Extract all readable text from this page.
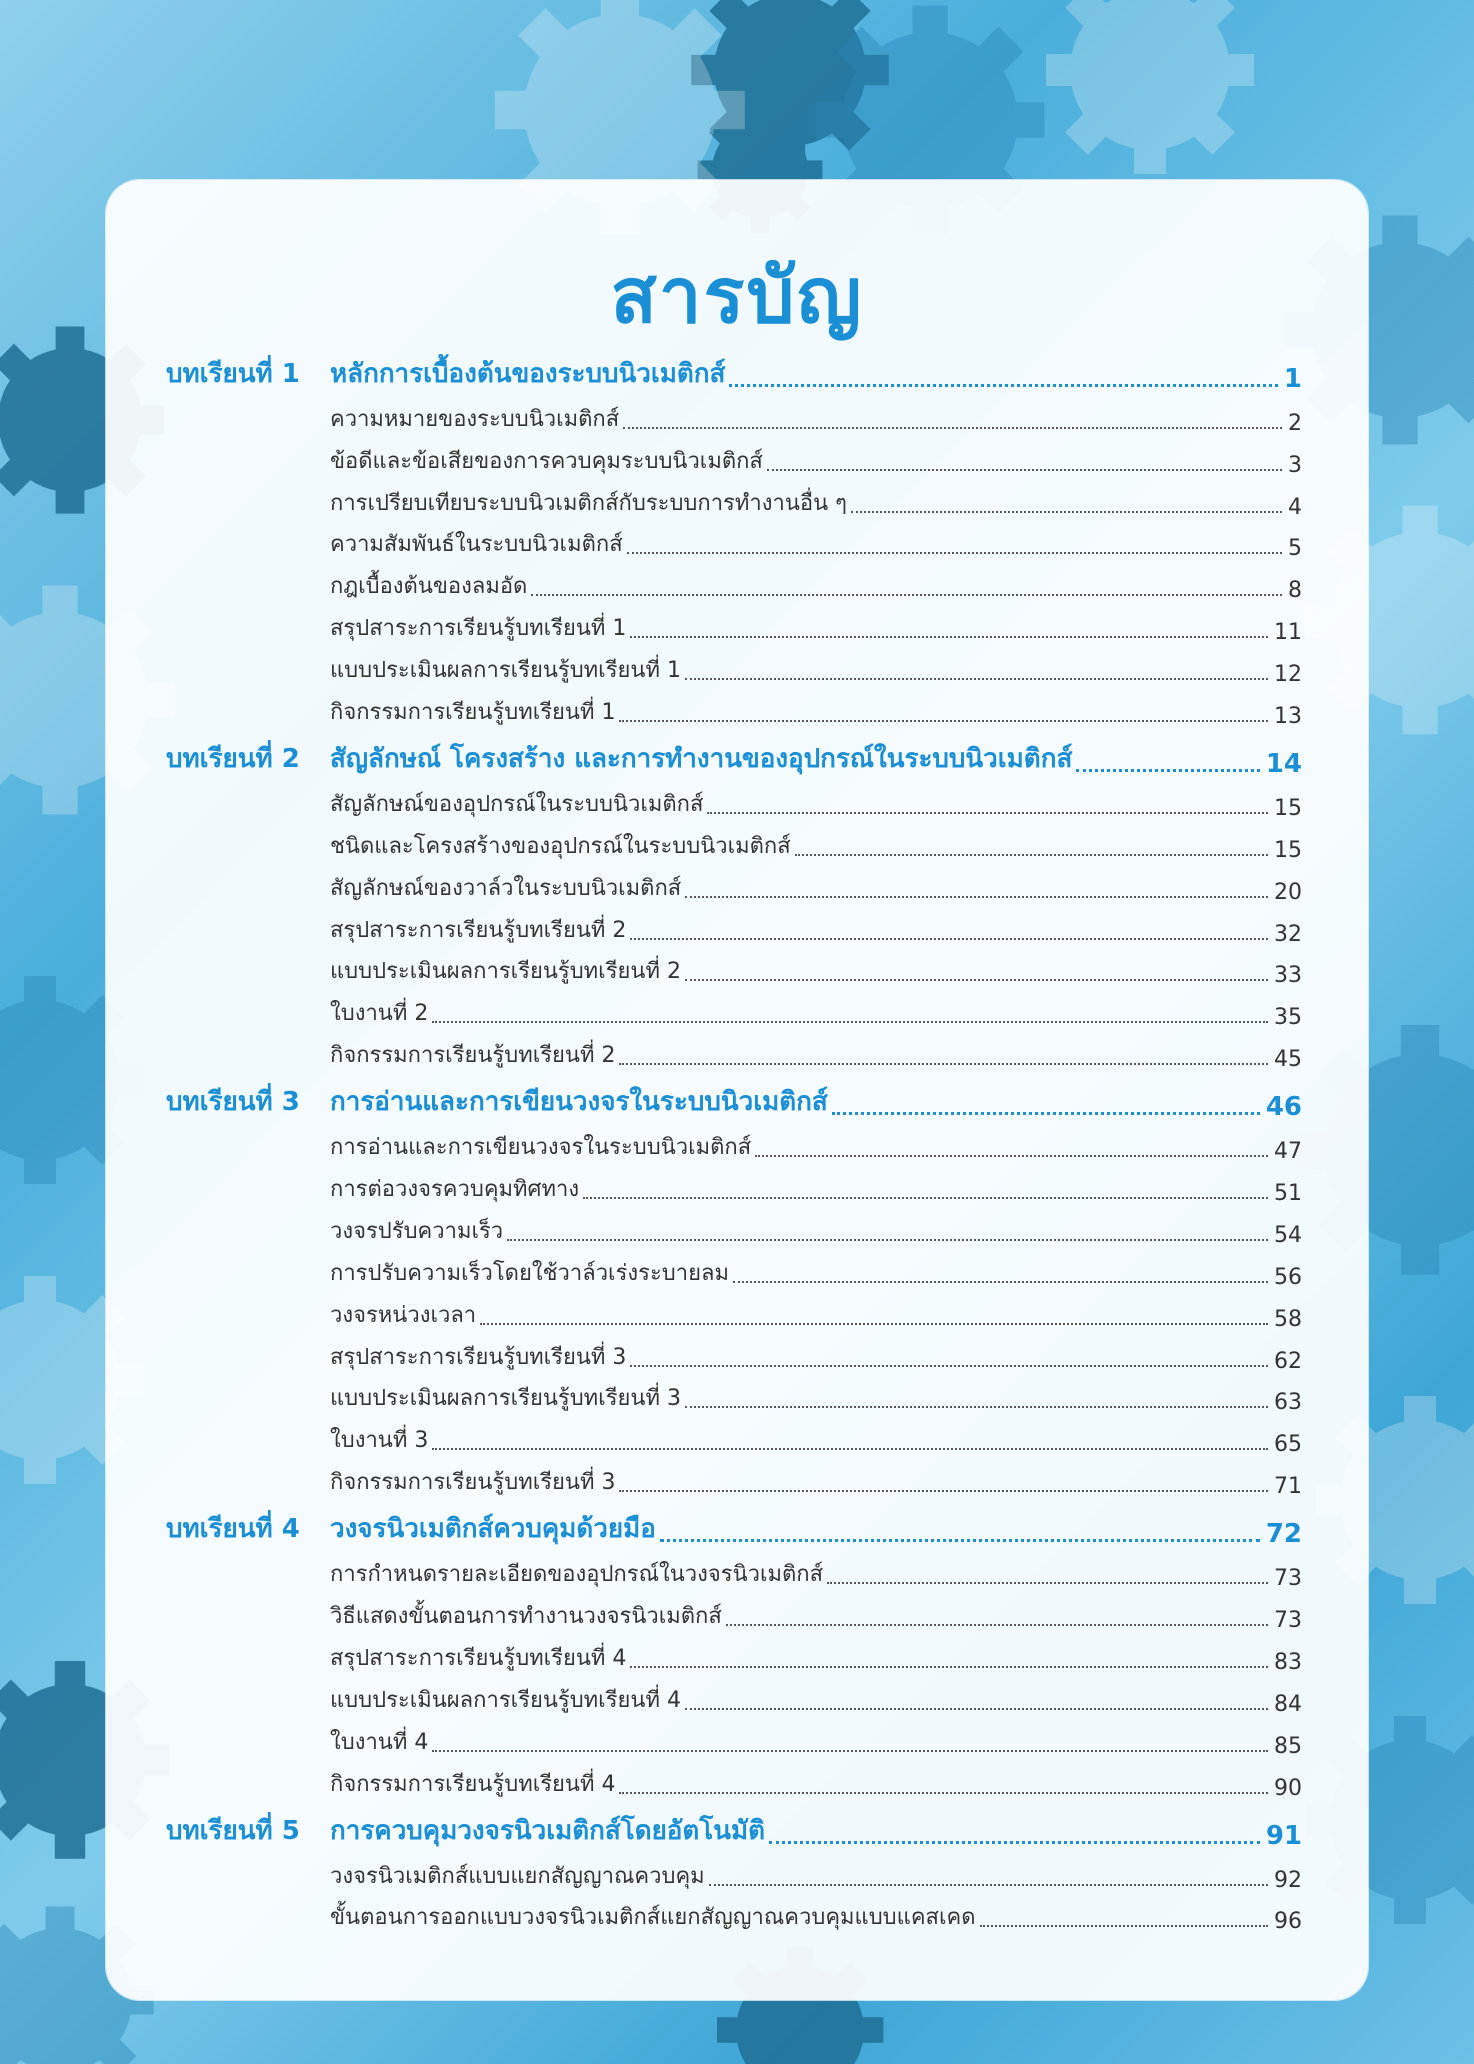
สารบัญ
บทเรียนที่ 1	หลักการเบื้องต้นของระบบนิวเมติกส์	1
ความหมายของระบบนิวเมติกส์	2
ข้อดีและข้อเสียของการควบคุมระบบนิวเมติกส์	3
การเปรียบเทียบระบบนิวเมติกส์กับระบบการทำงานอื่น ๆ	4
ความสัมพันธ์ในระบบนิวเมติกส์	5
กฎเบื้องต้นของลมอัด	8
สรุปสาระการเรียนรู้บทเรียนที่ 1	11
แบบประเมินผลการเรียนรู้บทเรียนที่ 1	12
กิจกรรมการเรียนรู้บทเรียนที่ 1	13
บทเรียนที่ 2	สัญลักษณ์ โครงสร้าง และการทำงานของอุปกรณ์ในระบบนิวเมติกส์	14
สัญลักษณ์ของอุปกรณ์ในระบบนิวเมติกส์	15
ชนิดและโครงสร้างของอุปกรณ์ในระบบนิวเมติกส์	15
สัญลักษณ์ของวาล์วในระบบนิวเมติกส์	20
สรุปสาระการเรียนรู้บทเรียนที่ 2	32
แบบประเมินผลการเรียนรู้บทเรียนที่ 2	33
ใบงานที่ 2	35
กิจกรรมการเรียนรู้บทเรียนที่ 2	45
บทเรียนที่ 3	การอ่านและการเขียนวงจรในระบบนิวเมติกส์	46
การอ่านและการเขียนวงจรในระบบนิวเมติกส์	47
การต่อวงจรควบคุมทิศทาง	51
วงจรปรับความเร็ว	54
การปรับความเร็วโดยใช้วาล์วเร่งระบายลม	56
วงจรหน่วงเวลา	58
สรุปสาระการเรียนรู้บทเรียนที่ 3	62
แบบประเมินผลการเรียนรู้บทเรียนที่ 3	63
ใบงานที่ 3	65
กิจกรรมการเรียนรู้บทเรียนที่ 3	71
บทเรียนที่ 4	วงจรนิวเมติกส์ควบคุมด้วยมือ	72
การกำหนดรายละเอียดของอุปกรณ์ในวงจรนิวเมติกส์	73
วิธีแสดงขั้นตอนการทำงานวงจรนิวเมติกส์	73
สรุปสาระการเรียนรู้บทเรียนที่ 4	83
แบบประเมินผลการเรียนรู้บทเรียนที่ 4	84
ใบงานที่ 4	85
กิจกรรมการเรียนรู้บทเรียนที่ 4	90
บทเรียนที่ 5	การควบคุมวงจรนิวเมติกส์โดยอัตโนมัติ	91
วงจรนิวเมติกส์แบบแยกสัญญาณควบคุม	92
ขั้นตอนการออกแบบวงจรนิวเมติกส์แยกสัญญาณควบคุมแบบแคสเคด	96
